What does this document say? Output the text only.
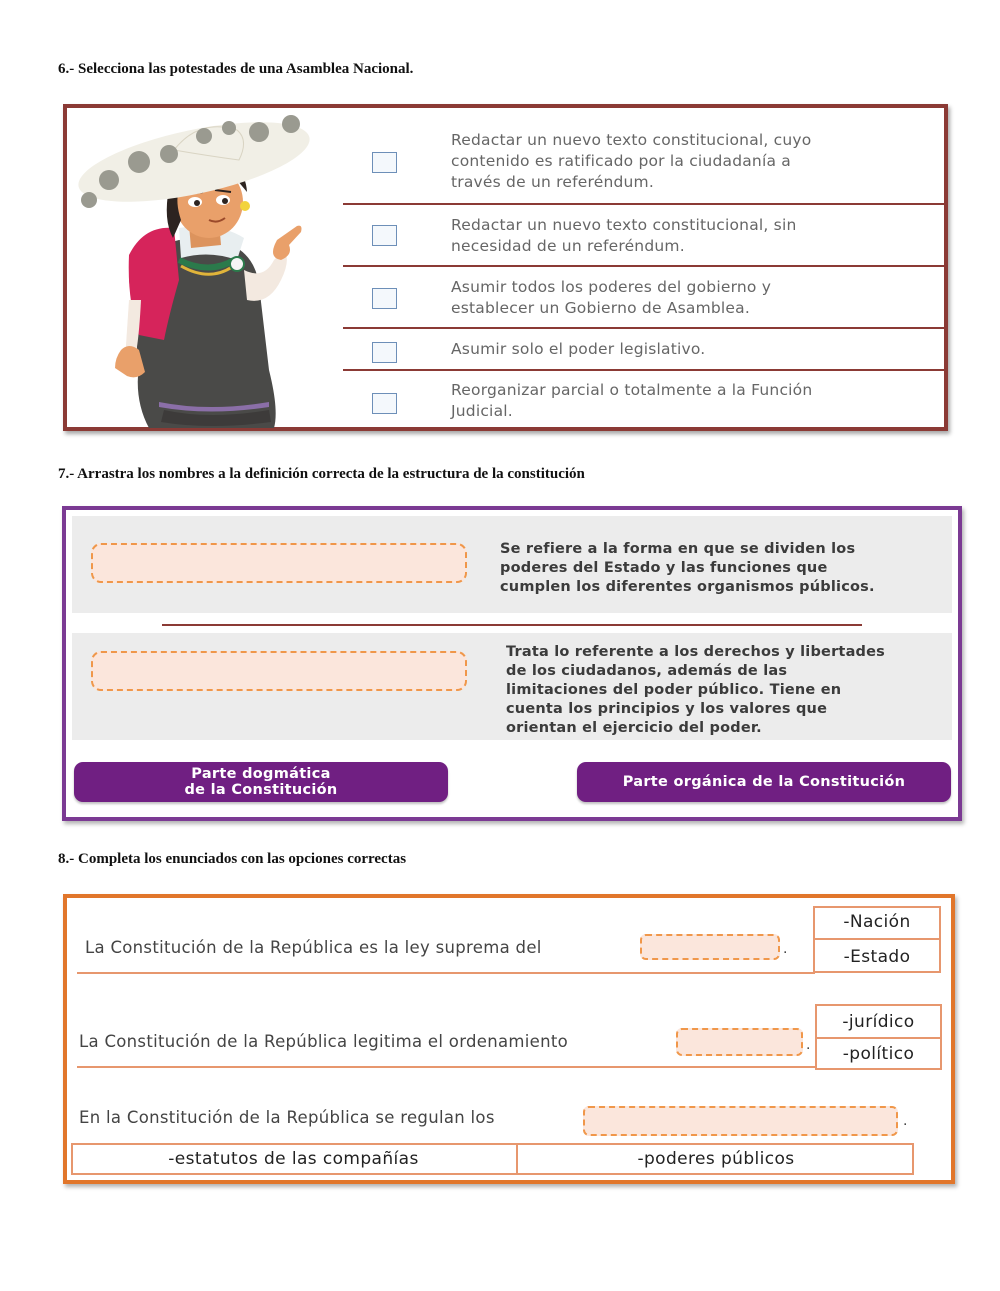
6.- Selecciona las potestades de una Asamblea Nacional.
Redactar un nuevo texto constitucional, cuyo
contenido es ratificado por la ciudadanía a
través de un referéndum.
Redactar un nuevo texto constitucional, sin
necesidad de un referéndum.
Asumir todos los poderes del gobierno y
establecer un Gobierno de Asamblea.
Asumir solo el poder legislativo.
Reorganizar parcial o totalmente a la Función
Judicial.
7.- Arrastra los nombres a la definición correcta de la estructura de la constitución
Se refiere a la forma en que se dividen los
poderes del Estado y las funciones que
cumplen los diferentes organismos públicos.
Trata lo referente a los derechos y libertades
de los ciudadanos, además de las
limitaciones del poder público. Tiene en
cuenta los principios y los valores que
orientan el ejercicio del poder.
Parte dogmática
de la Constitución	Parte orgánica de la Constitución
8.- Completa los enunciados con las opciones correctas
La Constitución de la República es la ley suprema del	.
-Nación
-Estado
La Constitución de la República legitima el ordenamiento	.
-jurídico
-político
En la Constitución de la República se regulan los	.
-estatutos de las compañías	-poderes públicos
